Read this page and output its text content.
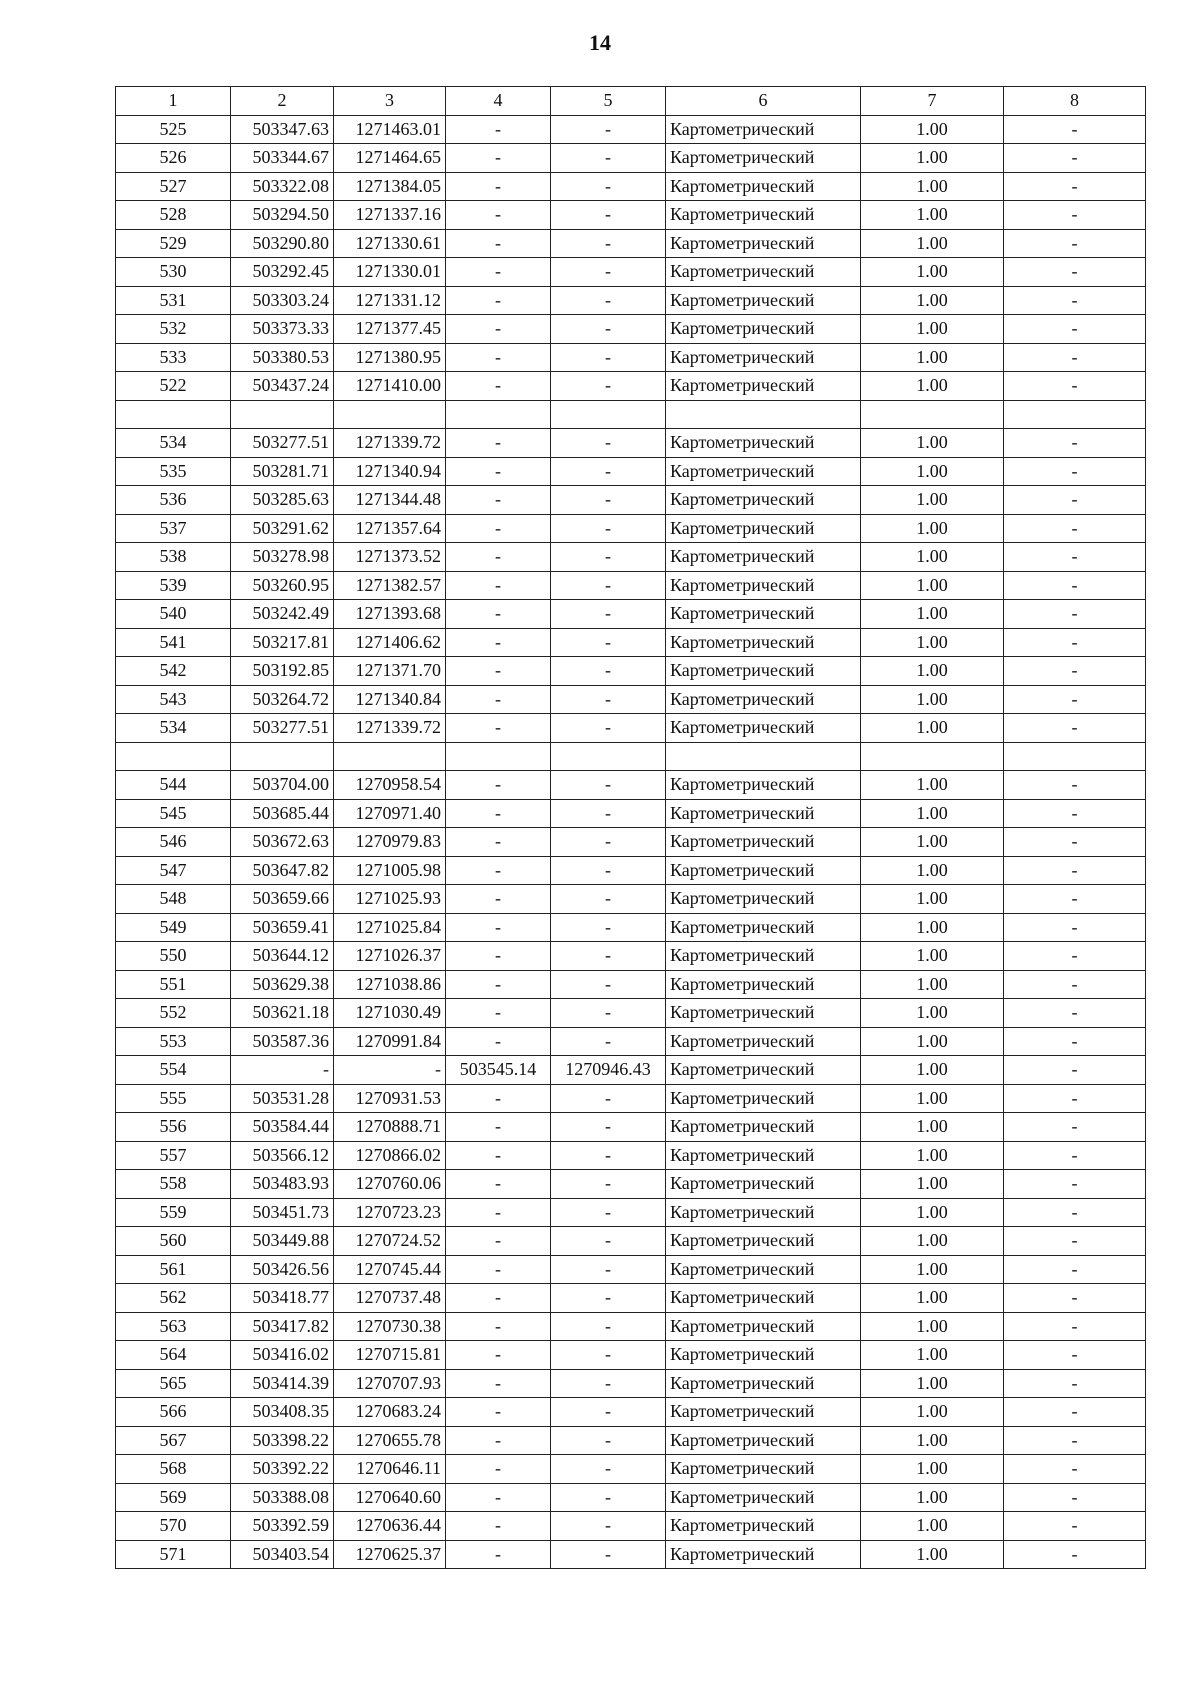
14
1	2	3	4	5	6	7	8
525	503347.63	1271463.01	-	-	Картометрический	1.00	-
526	503344.67	1271464.65	-	-	Картометрический	1.00	-
527	503322.08	1271384.05	-	-	Картометрический	1.00	-
528	503294.50	1271337.16	-	-	Картометрический	1.00	-
529	503290.80	1271330.61	-	-	Картометрический	1.00	-
530	503292.45	1271330.01	-	-	Картометрический	1.00	-
531	503303.24	1271331.12	-	-	Картометрический	1.00	-
532	503373.33	1271377.45	-	-	Картометрический	1.00	-
533	503380.53	1271380.95	-	-	Картометрический	1.00	-
522	503437.24	1271410.00	-	-	Картометрический	1.00	-

534	503277.51	1271339.72	-	-	Картометрический	1.00	-
535	503281.71	1271340.94	-	-	Картометрический	1.00	-
536	503285.63	1271344.48	-	-	Картометрический	1.00	-
537	503291.62	1271357.64	-	-	Картометрический	1.00	-
538	503278.98	1271373.52	-	-	Картометрический	1.00	-
539	503260.95	1271382.57	-	-	Картометрический	1.00	-
540	503242.49	1271393.68	-	-	Картометрический	1.00	-
541	503217.81	1271406.62	-	-	Картометрический	1.00	-
542	503192.85	1271371.70	-	-	Картометрический	1.00	-
543	503264.72	1271340.84	-	-	Картометрический	1.00	-
534	503277.51	1271339.72	-	-	Картометрический	1.00	-

544	503704.00	1270958.54	-	-	Картометрический	1.00	-
545	503685.44	1270971.40	-	-	Картометрический	1.00	-
546	503672.63	1270979.83	-	-	Картометрический	1.00	-
547	503647.82	1271005.98	-	-	Картометрический	1.00	-
548	503659.66	1271025.93	-	-	Картометрический	1.00	-
549	503659.41	1271025.84	-	-	Картометрический	1.00	-
550	503644.12	1271026.37	-	-	Картометрический	1.00	-
551	503629.38	1271038.86	-	-	Картометрический	1.00	-
552	503621.18	1271030.49	-	-	Картометрический	1.00	-
553	503587.36	1270991.84	-	-	Картометрический	1.00	-
554	-	-	503545.14	1270946.43	Картометрический	1.00	-
555	503531.28	1270931.53	-	-	Картометрический	1.00	-
556	503584.44	1270888.71	-	-	Картометрический	1.00	-
557	503566.12	1270866.02	-	-	Картометрический	1.00	-
558	503483.93	1270760.06	-	-	Картометрический	1.00	-
559	503451.73	1270723.23	-	-	Картометрический	1.00	-
560	503449.88	1270724.52	-	-	Картометрический	1.00	-
561	503426.56	1270745.44	-	-	Картометрический	1.00	-
562	503418.77	1270737.48	-	-	Картометрический	1.00	-
563	503417.82	1270730.38	-	-	Картометрический	1.00	-
564	503416.02	1270715.81	-	-	Картометрический	1.00	-
565	503414.39	1270707.93	-	-	Картометрический	1.00	-
566	503408.35	1270683.24	-	-	Картометрический	1.00	-
567	503398.22	1270655.78	-	-	Картометрический	1.00	-
568	503392.22	1270646.11	-	-	Картометрический	1.00	-
569	503388.08	1270640.60	-	-	Картометрический	1.00	-
570	503392.59	1270636.44	-	-	Картометрический	1.00	-
571	503403.54	1270625.37	-	-	Картометрический	1.00	-
